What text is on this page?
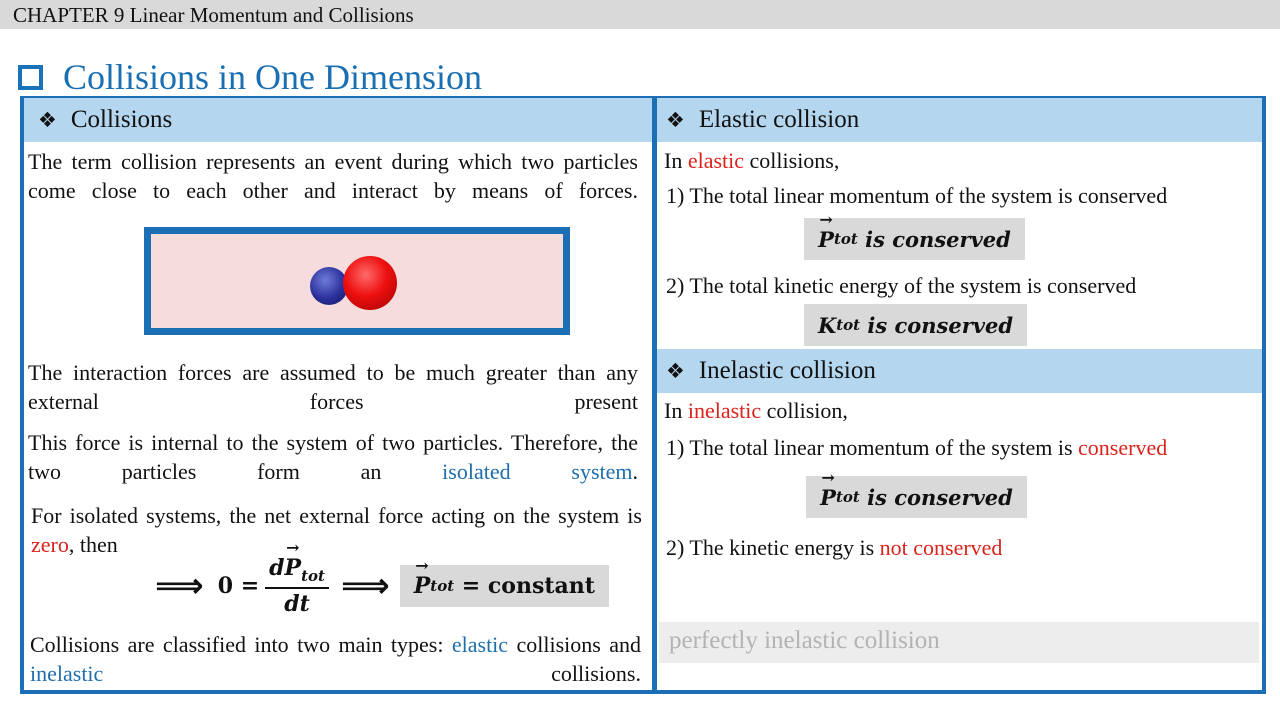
CHAPTER 9 Linear Momentum and Collisions
Collisions in One Dimension
❖ Collisions
The term collision represents an event during which two particles come close to each other and interact by means of forces.
The interaction forces are assumed to be much greater than any external forces present
This force is internal to the system of two particles. Therefore, the two particles form an isolated system.
For isolated systems, the net external force acting on the system is zero, then
⟹ $0 = \frac{d\to P_{tot}}{dt}$ ⟹
→ P tot = constant
Collisions are classified into two main types: elastic collisions and inelastic collisions.
❖ Elastic collision
In elastic collisions,
1) The total linear momentum of the system is conserved
→ P tot is conserved
2) The total kinetic energy of the system is conserved
K tot is conserved
❖ Inelastic collision
In inelastic collision,
1) The total linear momentum of the system is conserved
→ P tot is conserved
2) The kinetic energy is not conserved
perfectly inelastic collision
